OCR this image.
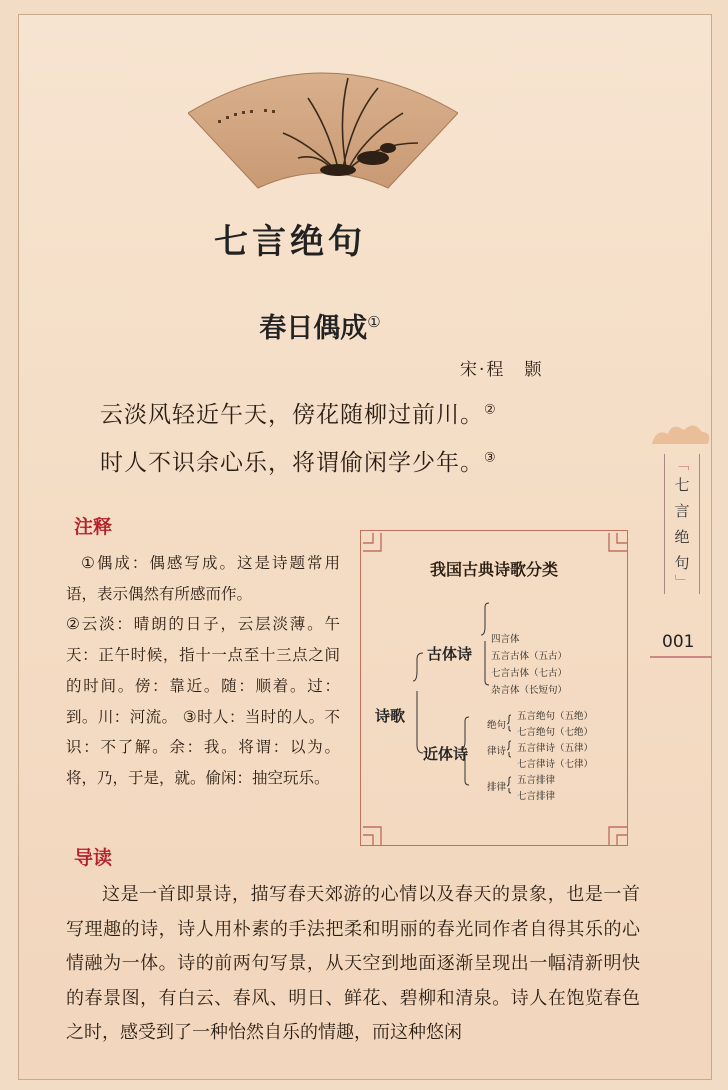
七言绝句
春日偶成①
宋·程　颢
云淡风轻近午天，傍花随柳过前川。②
时人不识余心乐，将谓偷闲学少年。③	﹁
七
言
绝
句
﹂
001
注释

①偶成：偶感写成。这是诗题常用语，表示偶然有所感而作。

②云淡：晴朗的日子，云层淡薄。午天：正午时候，指十一点至十三点之间的时间。傍：靠近。随：顺着。过：到。川：河流。 ③时人：当时的人。不识：不了解。余：我。将谓：以为。将，乃，于是，就。偷闲：抽空玩乐。

我国古典诗歌分类
诗歌
古体诗
四言体
五言古体（五古）
七言古体（七古）
杂言体（长短句）
近体诗
绝句
五言绝句（五绝）
七言绝句（七绝）
律诗 五言律诗（五律）
七言律诗（七律）
排律
五言排律
七言排律
导读
这是一首即景诗，描写春天郊游的心情以及春天的景象，也是一首写理趣的诗，诗人用朴素的手法把柔和明丽的春光同作者自得其乐的心情融为一体。诗的前两句写景，从天空到地面逐渐呈现出一幅清新明快的春景图，有白云、春风、明日、鲜花、碧柳和清泉。诗人在饱览春色之时，感受到了一种怡然自乐的情趣，而这种悠闲
